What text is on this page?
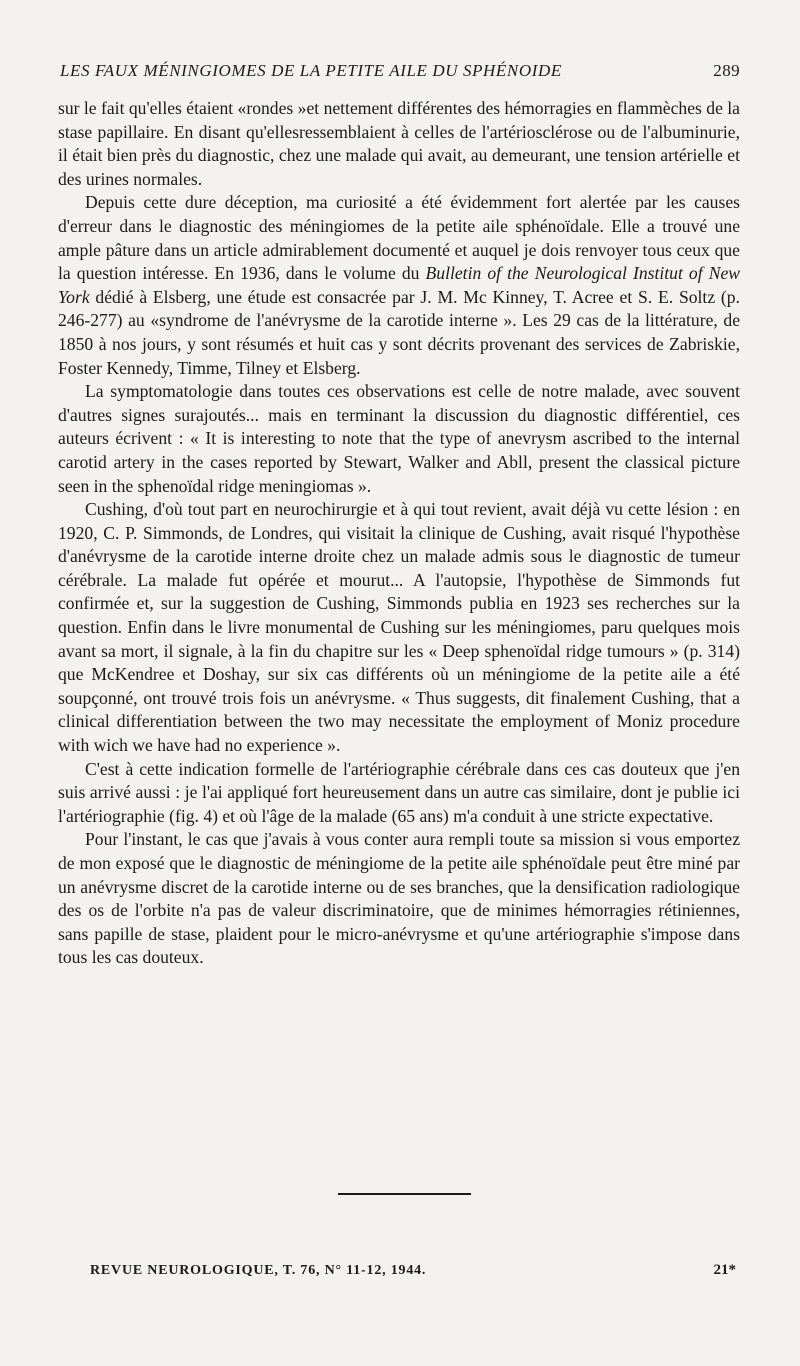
LES FAUX MÉNINGIOMES DE LA PETITE AILE DU SPHÉNOIDE	289

sur le fait qu'elles étaient «rondes »et nettement différentes des hémorragies en flammèches de la stase papillaire. En disant qu'ellesressemblaient à celles de l'artériosclérose ou de l'albuminurie, il était bien près du diagnostic, chez une malade qui avait, au demeurant, une tension artérielle et des urines normales.

Depuis cette dure déception, ma curiosité a été évidemment fort alertée par les causes d'erreur dans le diagnostic des méningiomes de la petite aile sphénoïdale. Elle a trouvé une ample pâture dans un article admirablement documenté et auquel je dois renvoyer tous ceux que la question intéresse. En 1936, dans le volume du Bulletin of the Neurological Institut of New York dédié à Elsberg, une étude est consacrée par J. M. Mc Kinney, T. Acree et S. E. Soltz (p. 246-277) au «syndrome de l'anévrysme de la carotide interne ». Les 29 cas de la littérature, de 1850 à nos jours, y sont résumés et huit cas y sont décrits provenant des services de Zabriskie, Foster Kennedy, Timme, Tilney et Elsberg.

La symptomatologie dans toutes ces observations est celle de notre malade, avec souvent d'autres signes surajoutés... mais en terminant la discussion du diagnostic différentiel, ces auteurs écrivent : « It is interesting to note that the type of anevrysm ascribed to the internal carotid artery in the cases reported by Stewart, Walker and Abll, present the classical picture seen in the sphenoïdal ridge meningiomas ».

Cushing, d'où tout part en neurochirurgie et à qui tout revient, avait déjà vu cette lésion : en 1920, C. P. Simmonds, de Londres, qui visitait la clinique de Cushing, avait risqué l'hypothèse d'anévrysme de la carotide interne droite chez un malade admis sous le diagnostic de tumeur cérébrale. La malade fut opérée et mourut... A l'autopsie, l'hypothèse de Simmonds fut confirmée et, sur la suggestion de Cushing, Simmonds publia en 1923 ses recherches sur la question. Enfin dans le livre monumental de Cushing sur les méningiomes, paru quelques mois avant sa mort, il signale, à la fin du chapitre sur les « Deep sphenoïdal ridge tumours » (p. 314) que McKendree et Doshay, sur six cas différents où un méningiome de la petite aile a été soupçonné, ont trouvé trois fois un anévrysme. « Thus suggests, dit finalement Cushing, that a clinical differentiation between the two may necessitate the employment of Moniz procedure with wich we have had no experience ».

C'est à cette indication formelle de l'artériographie cérébrale dans ces cas douteux que j'en suis arrivé aussi : je l'ai appliqué fort heureusement dans un autre cas similaire, dont je publie ici l'artériographie (fig. 4) et où l'âge de la malade (65 ans) m'a conduit à une stricte expectative.

Pour l'instant, le cas que j'avais à vous conter aura rempli toute sa mission si vous emportez de mon exposé que le diagnostic de méningiome de la petite aile sphénoïdale peut être miné par un anévrysme discret de la carotide interne ou de ses branches, que la densification radiologique des os de l'orbite n'a pas de valeur discriminatoire, que de minimes hémorragies rétiniennes, sans papille de stase, plaident pour le micro-anévrysme et qu'une artériographie s'impose dans tous les cas douteux.

REVUE NEUROLOGIQUE, T. 76, N° 11-12, 1944.	21*
